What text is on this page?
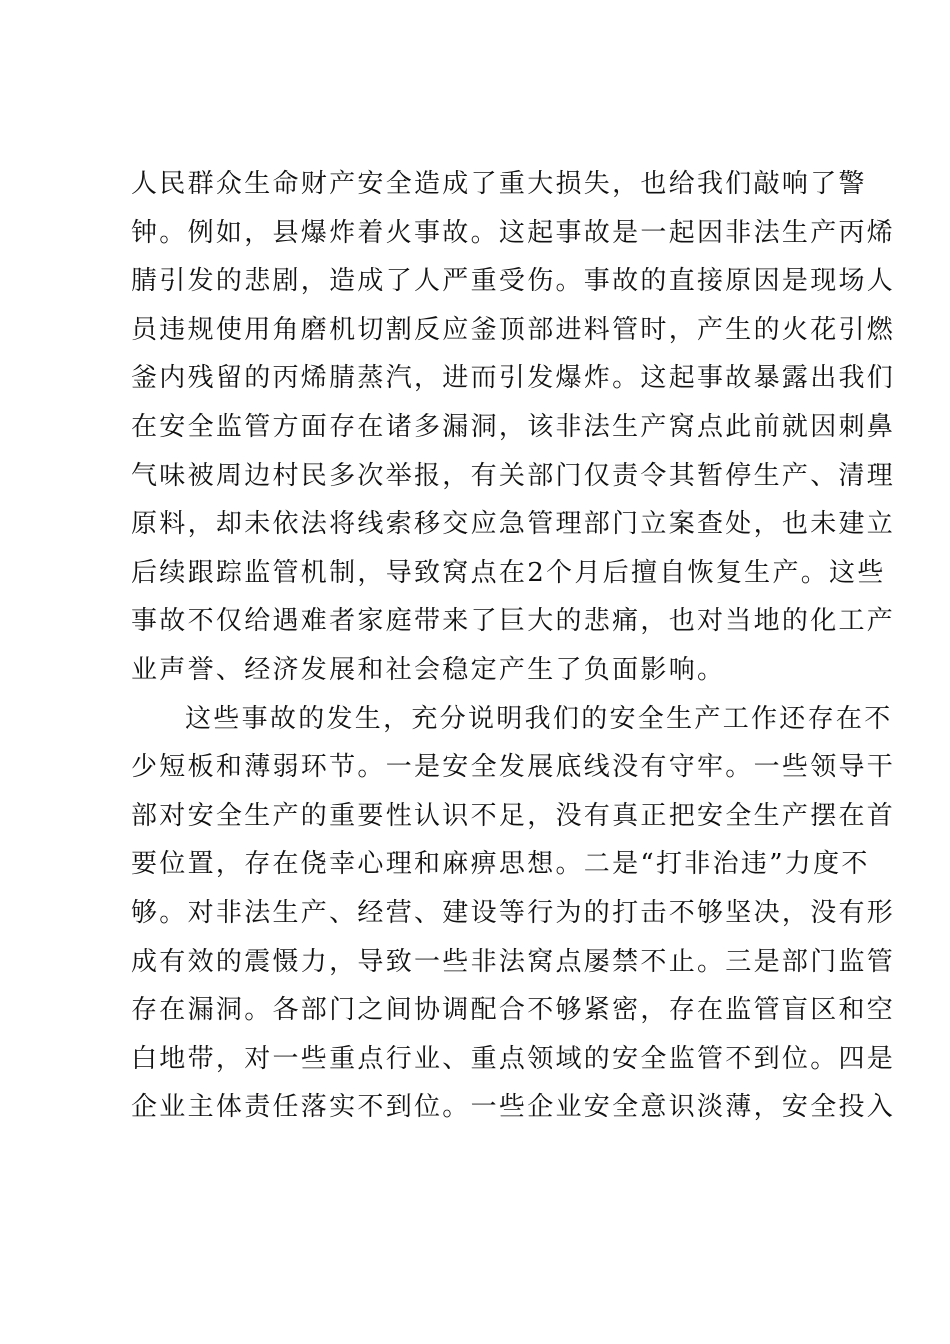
人民群众生命财产安全造成了重大损失，也给我们敲响了警
钟。例如，县爆炸着火事故。这起事故是一起因非法生产丙烯
腈引发的悲剧，造成了人严重受伤。事故的直接原因是现场人
员违规使用角磨机切割反应釜顶部进料管时，产生的火花引燃
釜内残留的丙烯腈蒸汽，进而引发爆炸。这起事故暴露出我们
在安全监管方面存在诸多漏洞，该非法生产窝点此前就因刺鼻
气味被周边村民多次举报，有关部门仅责令其暂停生产、清理
原料，却未依法将线索移交应急管理部门立案查处，也未建立
后续跟踪监管机制，导致窝点在2个月后擅自恢复生产。这些
事故不仅给遇难者家庭带来了巨大的悲痛，也对当地的化工产
业声誉、经济发展和社会稳定产生了负面影响。
这些事故的发生，充分说明我们的安全生产工作还存在不
少短板和薄弱环节。一是安全发展底线没有守牢。一些领导干
部对安全生产的重要性认识不足，没有真正把安全生产摆在首
要位置，存在侥幸心理和麻痹思想。二是“打非治违”力度不
够。对非法生产、经营、建设等行为的打击不够坚决，没有形
成有效的震慑力，导致一些非法窝点屡禁不止。三是部门监管
存在漏洞。各部门之间协调配合不够紧密，存在监管盲区和空
白地带，对一些重点行业、重点领域的安全监管不到位。四是
企业主体责任落实不到位。一些企业安全意识淡薄，安全投入
